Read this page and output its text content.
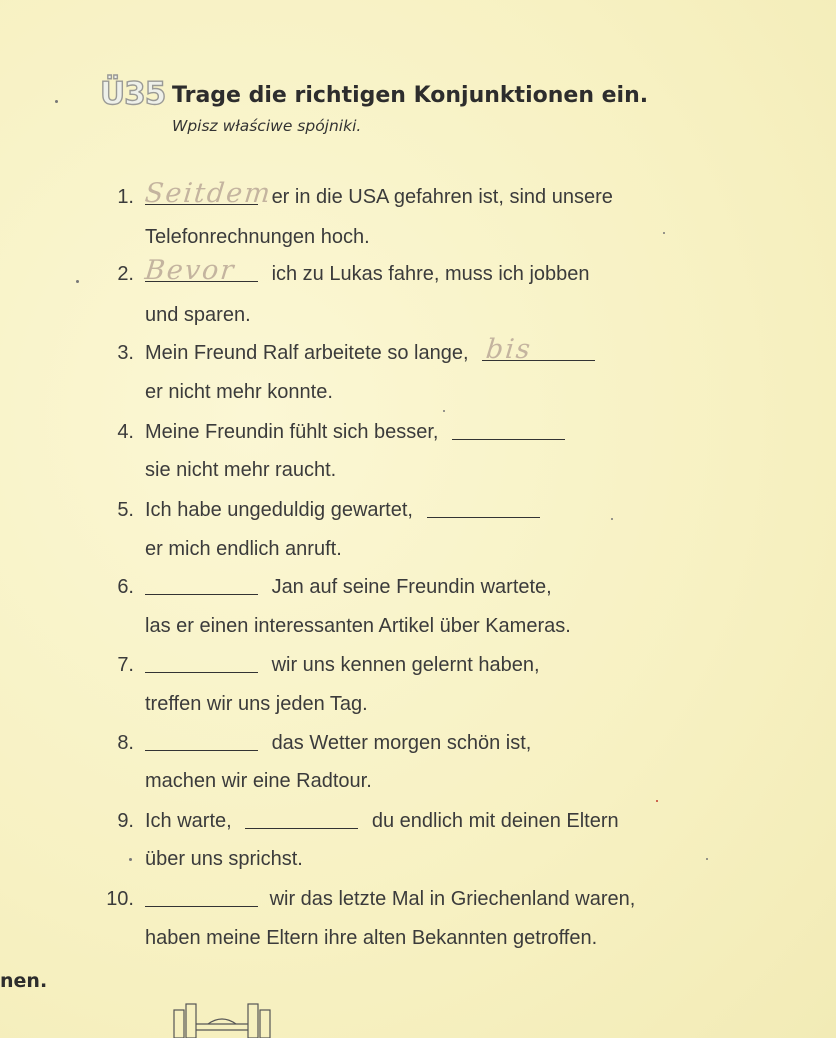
Ü35 Trage die richtigen Konjunktionen ein.
Wpisz właściwe spójniki.
1. Seitdem
er in die USA gefahren ist, sind unsere
Telefonrechnungen hoch.
2. Bevor ich zu Lukas fahre, muss ich jobben
und sparen.
3. Mein Freund Ralf arbeitete so lange, bis
er nicht mehr konnte.
4. Meine Freundin fühlt sich besser,
sie nicht mehr raucht.
5. Ich habe ungeduldig gewartet,
er mich endlich anruft.
6.	Jan auf seine Freundin wartete,
las er einen interessanten Artikel über Kameras.
7.	wir uns kennen gelernt haben,
treffen wir uns jeden Tag.
8.	das Wetter morgen schön ist,
machen wir eine Radtour.
9. Ich warte,	du endlich mit deinen Eltern
über uns sprichst.
10.	wir das letzte Mal in Griechenland waren,
haben meine Eltern ihre alten Bekannten getroffen.
nen.
